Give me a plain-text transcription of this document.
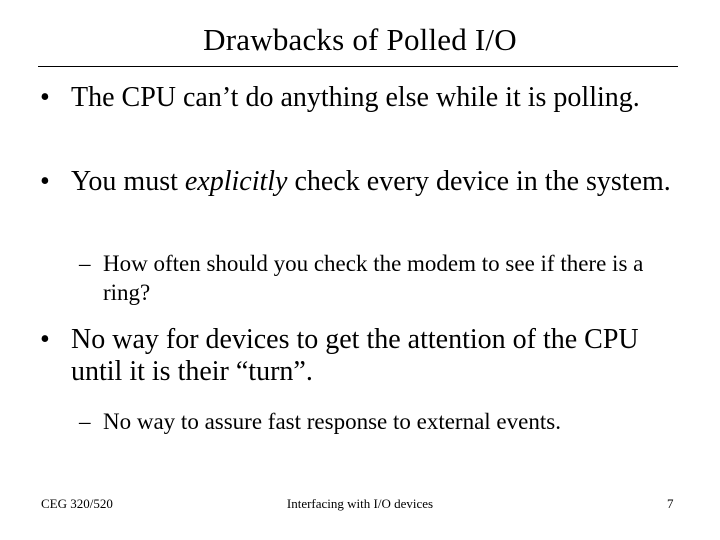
Drawbacks of Polled I/O
• The CPU can’t do anything else while it is polling.
• You must explicitly check every device in the system.
– How often should you check the modem to see if there is a ring?
• No way for devices to get the attention of the CPU until it is their “turn”.
– No way to assure fast response to external events.
CEG 320/520	Interfacing with I/O devices	7
